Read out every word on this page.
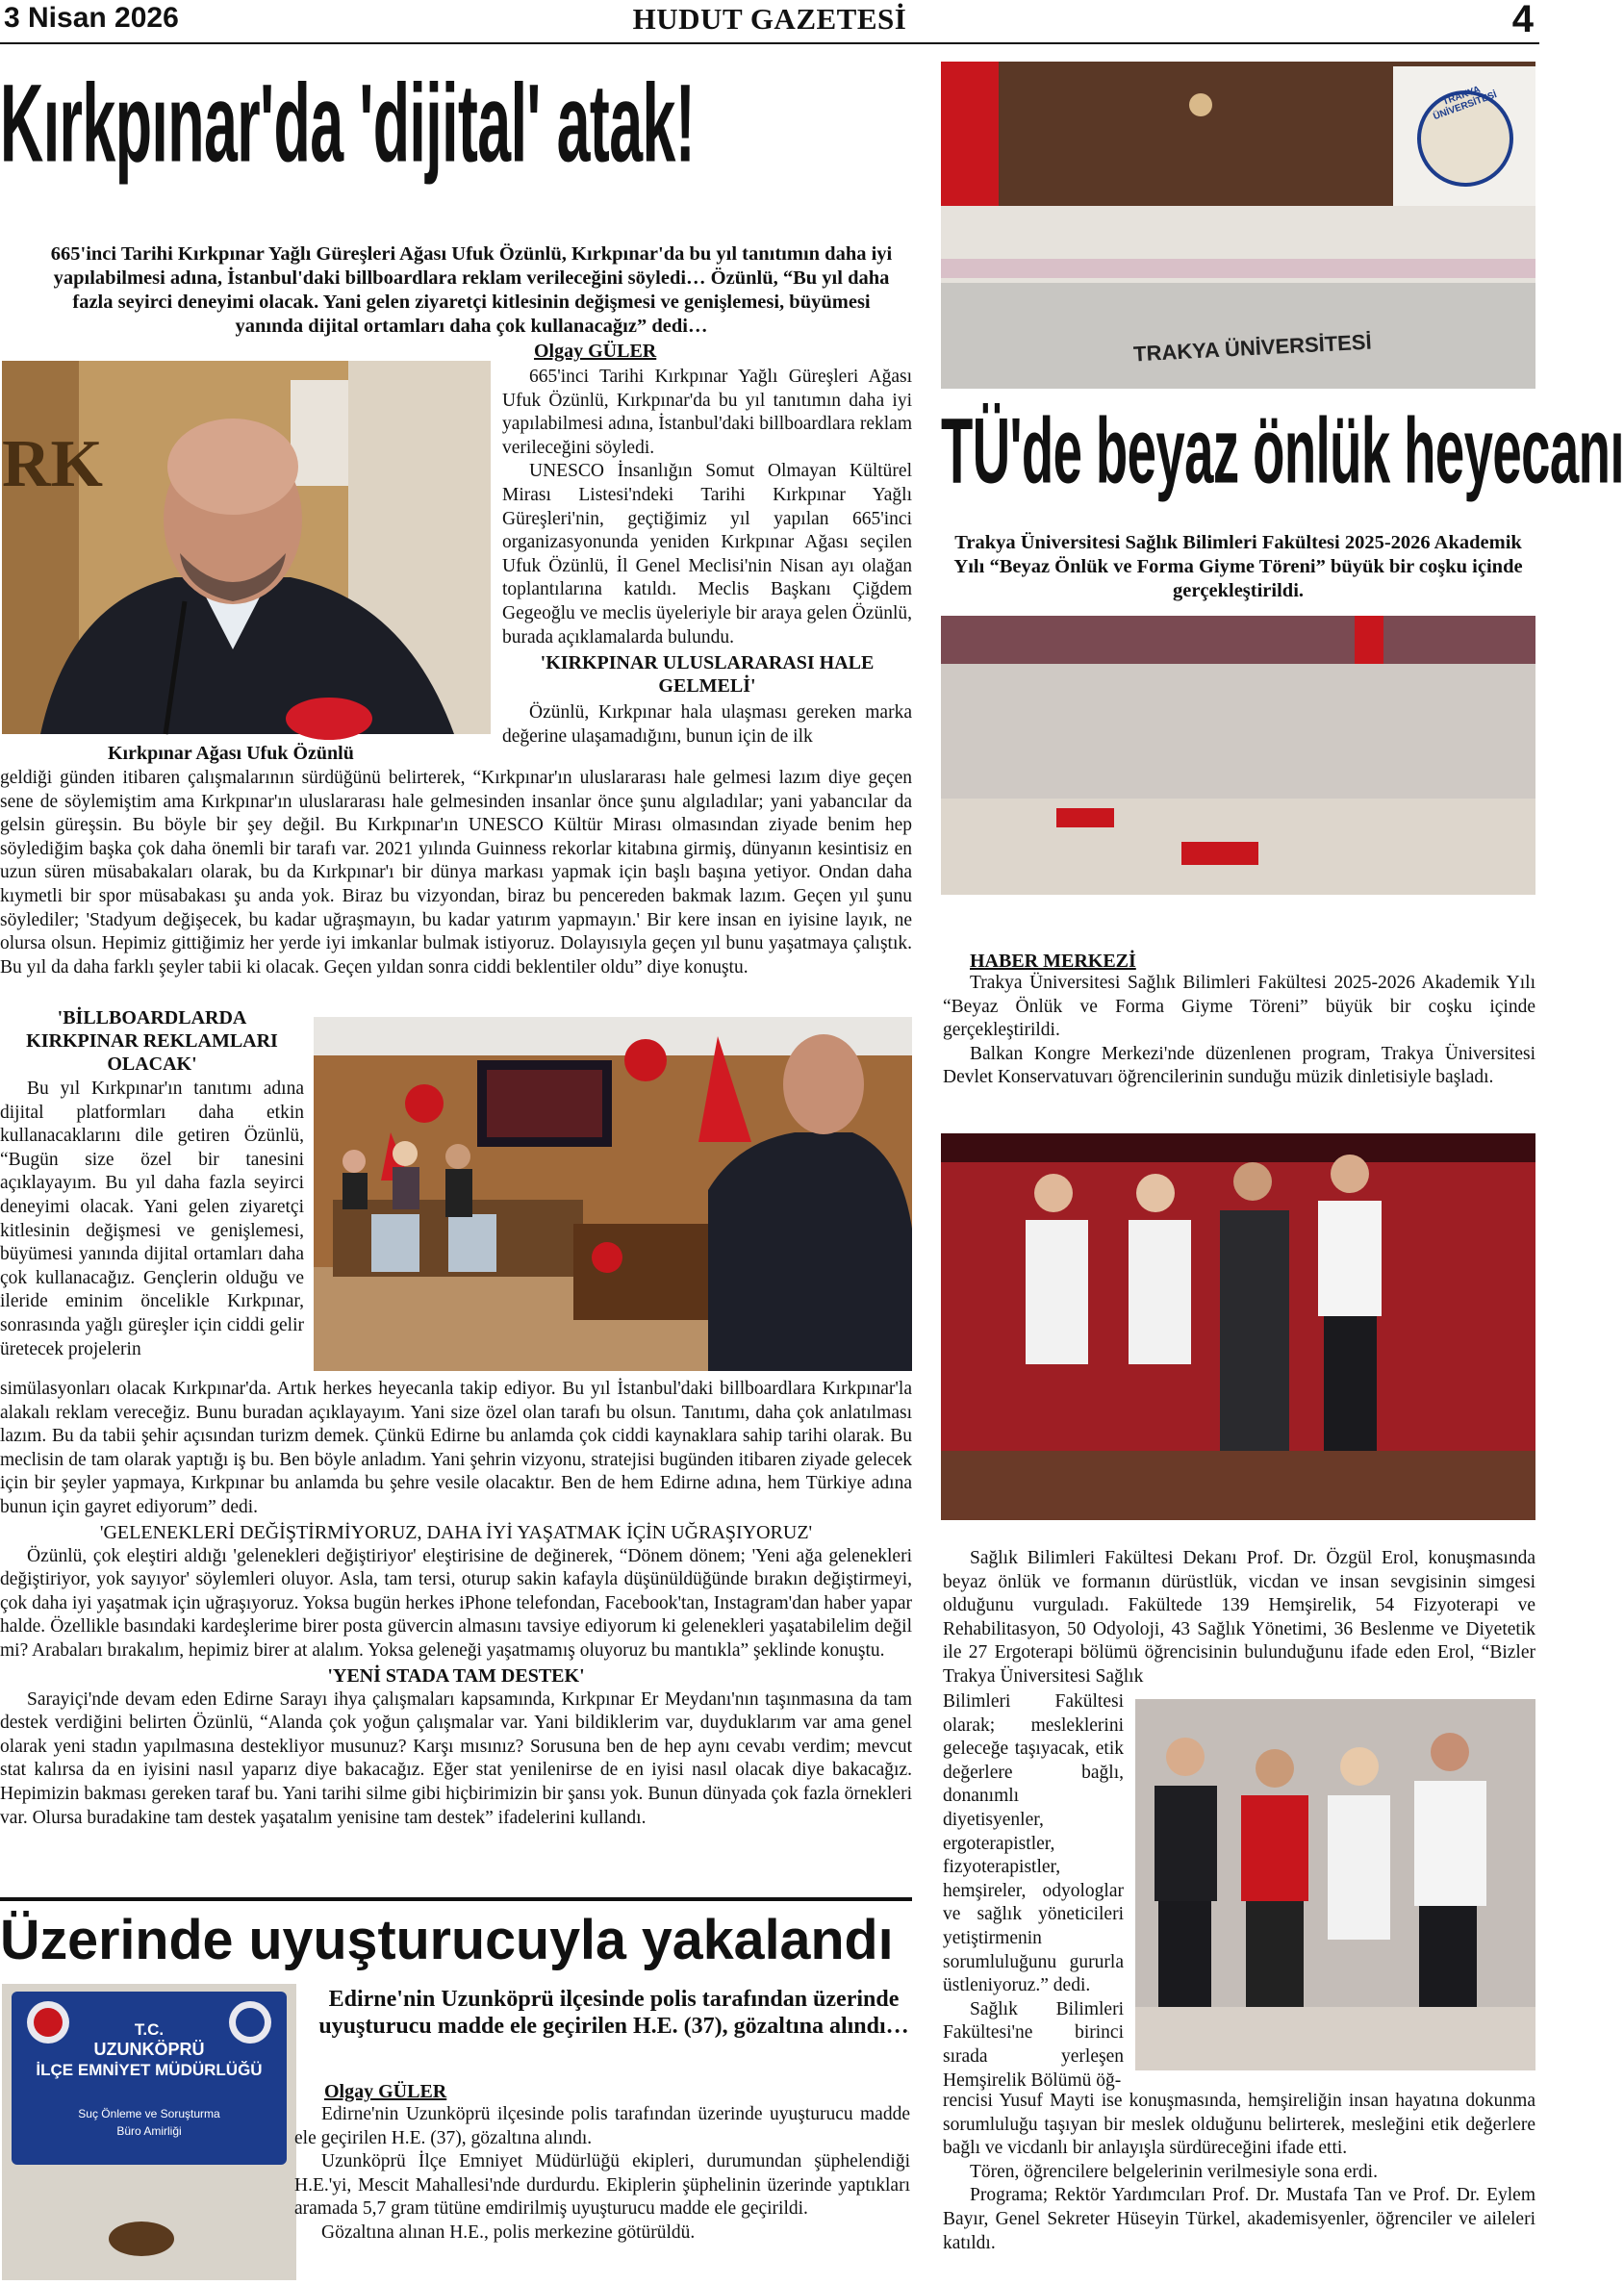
3 Nisan 2026	HUDUT GAZETESİ	4
Kırkpınar'da 'dijital' atak!
665'inci Tarihi Kırkpınar Yağlı Güreşleri Ağası Ufuk Özünlü, Kırkpınar'da bu yıl tanıtımın daha iyi yapılabilmesi adına, İstanbul'daki billboardlara reklam verileceğini söyledi… Özünlü, “Bu yıl daha fazla seyirci deneyimi olacak. Yani gelen ziyaretçi kitlesinin değişmesi ve genişlemesi, büyümesi yanında dijital ortamları daha çok kullanacağız” dedi…
Olgay GÜLER
RK
Kırkpınar Ağası Ufuk Özünlü

665'inci Tarihi Kırkpınar Yağlı Güreşleri Ağası Ufuk Özünlü, Kırkpınar'da bu yıl tanıtımın daha iyi yapılabilmesi adına, İstanbul'daki billboardlara reklam verileceğini söyledi.

UNESCO İnsanlığın Somut Olmayan Kültürel Mirası Listesi'ndeki Tarihi Kırkpınar Yağlı Güreşleri'nin, geçtiğimiz yıl yapılan 665'inci organizasyonunda yeniden Kırkpınar Ağası seçilen Ufuk Özünlü, İl Genel Meclisi'nin Nisan ayı olağan toplantılarına katıldı. Meclis Başkanı Çiğdem Gegeoğlu ve meclis üyeleriyle bir araya gelen Özünlü, burada açıklamalarda bulundu.

'KIRKPINAR ULUSLARARASI HALE GELMELİ'

Özünlü, Kırkpınar hala ulaşması gereken marka değerine ulaşamadığını, bunun için de ilk

geldiği günden itibaren çalışmalarının sürdüğünü belirterek, “Kırkpınar'ın uluslararası hale gelmesi lazım diye geçen sene de söylemiştim ama Kırkpınar'ın uluslararası hale gelmesinden insanlar önce şunu algıladılar; yani yabancılar da gelsin güreşsin. Bu böyle bir şey değil. Bu Kırkpınar'ın UNESCO Kültür Mirası olmasından ziyade benim hep söylediğim başka çok daha önemli bir tarafı var. 2021 yılında Guinness rekorlar kitabına girmiş, dünyanın kesintisiz en uzun süren müsabakaları olarak, bu da Kırkpınar'ı bir dünya markası yapmak için başlı başına yetiyor. Ondan daha kıymetli bir spor müsabakası şu anda yok. Biraz bu vizyondan, biraz bu pencereden bakmak lazım. Geçen yıl şunu söylediler; 'Stadyum değişecek, bu kadar uğraşmayın, bu kadar yatırım yapmayın.' Bir kere insan en iyisine layık, ne olursa olsun. Hepimiz gittiğimiz her yerde iyi imkanlar bulmak istiyoruz. Dolayısıyla geçen yıl bunu yaşatmaya çalıştık. Bu yıl da daha farklı şeyler tabii ki olacak. Geçen yıldan sonra ciddi beklentiler oldu” diye konuştu.
'BİLLBOARDLARDA KIRKPINAR REKLAMLARI OLACAK'

Bu yıl Kırkpınar'ın tanıtımı adına dijital platformları daha etkin kullanacaklarını dile getiren Özünlü, “Bugün size özel bir tanesini açıklayayım. Bu yıl daha fazla seyirci deneyimi olacak. Yani gelen ziyaretçi kitlesinin değişmesi ve genişlemesi, büyümesi yanında dijital ortamları daha çok kullanacağız. Gençlerin olduğu ve ileride eminim öncelikle Kırkpınar, sonrasında yağlı güreşler için ciddi gelir üretecek projelerin

simülasyonları olacak Kırkpınar'da. Artık herkes heyecanla takip ediyor. Bu yıl İstanbul'daki billboardlara Kırkpınar'la alakalı reklam vereceğiz. Bunu buradan açıklayayım. Yani size özel olan tarafı bu olsun. Tanıtımı, daha çok anlatılması lazım. Bu da tabii şehir açısından turizm demek. Çünkü Edirne bu anlamda çok ciddi kaynaklara sahip tarihi olarak. Bu meclisin de tam olarak yaptığı iş bu. Ben böyle anladım. Yani şehrin vizyonu, stratejisi bugünden itibaren ziyade gelecek için bir şeyler yapmaya, Kırkpınar bu anlamda bu şehre vesile olacaktır. Ben de hem Edirne adına, hem Türkiye adına bunun için gayret ediyorum” dedi.
'GELENEKLERİ DEĞİŞTİRMİYORUZ, DAHA İYİ YAŞATMAK İÇİN UĞRAŞIYORUZ'

Özünlü, çok eleştiri aldığı 'gelenekleri değiştiriyor' eleştirisine de değinerek, “Dönem dönem; 'Yeni ağa gelenekleri değiştiriyor, yok sayıyor' söylemleri oluyor. Asla, tam tersi, oturup sakin kafayla düşünüldüğünde bırakın değiştirmeyi, çok daha iyi yaşatmak için uğraşıyoruz. Yoksa bugün herkes iPhone telefondan, Facebook'tan, Instagram'dan haber yapar halde. Özellikle basındaki kardeşlerime birer posta güvercin almasını tavsiye ediyorum ki gelenekleri yaşatabilelim değil mi? Arabaları bırakalım, hepimiz birer at alalım. Yoksa geleneği yaşatmamış oluyoruz bu mantıkla” şeklinde konuştu.

'YENİ STADA TAM DESTEK'

Sarayiçi'nde devam eden Edirne Sarayı ihya çalışmaları kapsamında, Kırkpınar Er Meydanı'nın taşınmasına da tam destek verdiğini belirten Özünlü, “Alanda çok yoğun çalışmalar var. Yani bildiklerim var, duyduklarım var ama genel olarak yeni stadın yapılmasına destekliyor musunuz? Karşı mısınız? Sorusuna ben de hep aynı cevabı verdim; mevcut stat kalırsa da en iyisini nasıl yaparız diye bakacağız. Eğer stat yenilenirse de en iyisi nasıl olacak diye bakacağız. Hepimizin bakması gereken taraf bu. Yani tarihi silme gibi hiçbirimizin bir şansı yok. Bunun dünyada çok fazla örnekleri var. Olursa buradakine tam destek yaşatalım yenisine tam destek” ifadelerini kullandı.

Üzerinde uyuşturucuyla yakalandı
T.C.
UZUNKÖPRÜ
İLÇE EMNİYET MÜDÜRLÜĞÜ
Suç Önleme ve Soruşturma
Büro Amirliği
Edirne'nin Uzunköprü ilçesinde polis tarafından üzerinde uyuşturucu madde ele geçirilen H.E. (37), gözaltına alındı…
Olgay GÜLER

Edirne'nin Uzunköprü ilçesinde polis tarafından üzerinde uyuşturucu madde ele geçirilen H.E. (37), gözaltına alındı.

Uzunköprü İlçe Emniyet Müdürlüğü ekipleri, durumundan şüphelendiği H.E.'yi, Mescit Mahallesi'nde durdurdu. Ekiplerin şüphelinin üzerinde yaptıkları aramada 5,7 gram tütüne emdirilmiş uyuşturucu madde ele geçirildi.

Gözaltına alınan H.E., polis merkezine götürüldü.

TRAKYA ÜNİVERSİTESİ
TRAKYA ÜNİVERSİTESİ
TÜ'de beyaz önlük heyecanı
Trakya Üniversitesi Sağlık Bilimleri Fakültesi 2025-2026 Akademik Yılı “Beyaz Önlük ve Forma Giyme Töreni” büyük bir coşku içinde gerçekleştirildi.
HABER MERKEZİ

Trakya Üniversitesi Sağlık Bilimleri Fakültesi 2025-2026 Akademik Yılı “Beyaz Önlük ve Forma Giyme Töreni” büyük bir coşku içinde gerçekleştirildi.

Balkan Kongre Merkezi'nde düzenlenen program, Trakya Üniversitesi Devlet Konservatuvarı öğrencilerinin sunduğu müzik dinletisiyle başladı.

Sağlık Bilimleri Fakültesi Dekanı Prof. Dr. Özgül Erol, konuşmasında beyaz önlük ve formanın dürüstlük, vicdan ve insan sevgisinin simgesi olduğunu vurguladı. Fakültede 139 Hemşirelik, 54 Fizyoterapi ve Rehabilitasyon, 50 Odyoloji, 43 Sağlık Yönetimi, 36 Beslenme ve Diyetetik ile 27 Ergoterapi bölümü öğrencisinin bulunduğunu ifade eden Erol, “Bizler Trakya Üniversitesi Sağlık

Bilimleri Fakültesi olarak; mesleklerini geleceğe taşıyacak, etik değerlere bağlı, donanımlı diyetisyenler, ergoterapistler, fizyoterapistler, hemşireler, odyologlar ve sağlık yöneticileri yetiştirmenin sorumluluğunu gururla üstleniyoruz.” dedi.

Sağlık Bilimleri Fakültesi'ne birinci sırada yerleşen Hemşirelik Bölümü öğ-

rencisi Yusuf Mayti ise konuşmasında, hemşireliğin insan hayatına dokunma sorumluluğu taşıyan bir meslek olduğunu belirterek, mesleğini etik değerlere bağlı ve vicdanlı bir anlayışla sürdüreceğini ifade etti.

Tören, öğrencilere belgelerinin verilmesiyle sona erdi.

Programa; Rektör Yardımcıları Prof. Dr. Mustafa Tan ve Prof. Dr. Eylem Bayır, Genel Sekreter Hüseyin Türkel, akademisyenler, öğrenciler ve aileleri katıldı.
